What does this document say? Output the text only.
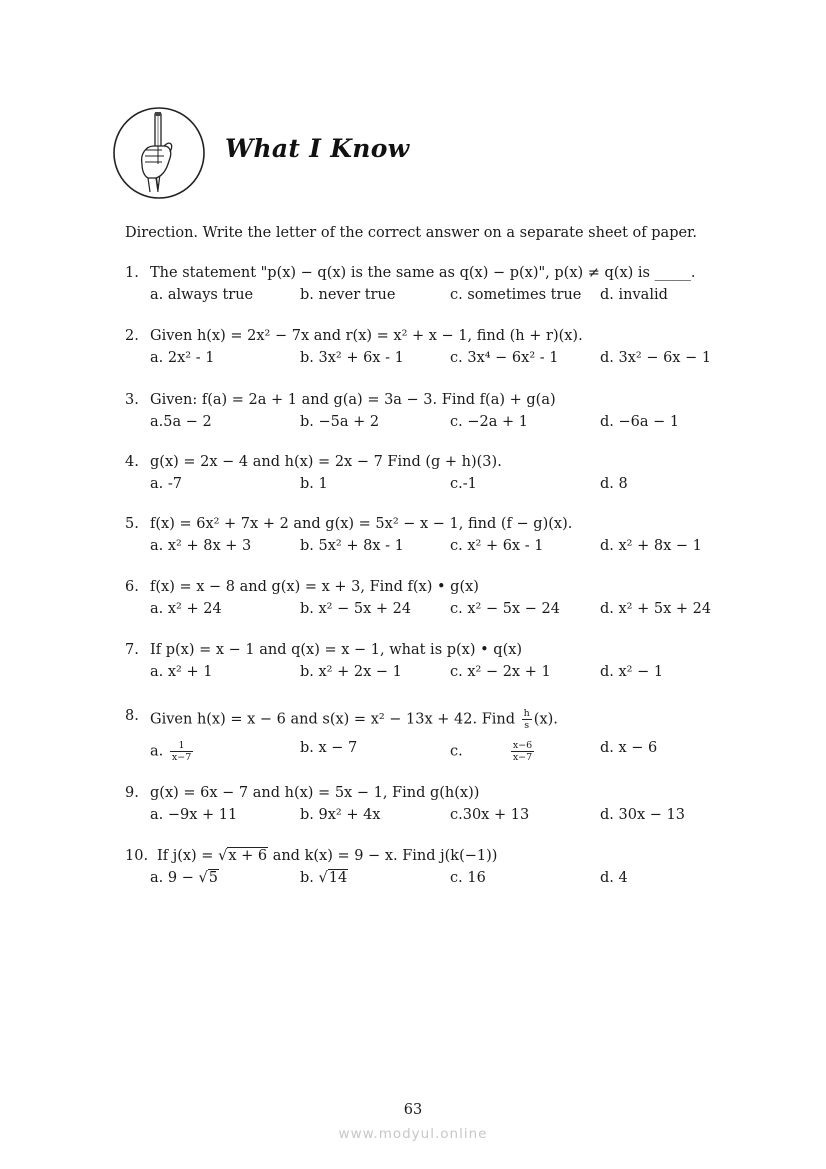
What I Know
Direction. Write the letter of the correct answer on a separate sheet of paper.
1. The statement "p(x) − q(x) is the same as q(x) − p(x)", p(x) ≠ q(x) is _____.
a. always true	b. never true	c. sometimes true d. invalid
2. Given h(x) = 2x² − 7x and r(x) = x² + x − 1, find (h + r)(x).
a. 2x² - 1	b. 3x² + 6x - 1	c. 3x⁴ − 6x² - 1	d. 3x² − 6x − 1
3. Given: f(a) = 2a + 1 and g(a) = 3a − 3. Find f(a) + g(a)
a.5a − 2	b. −5a + 2	c. −2a + 1	d. −6a − 1
4. g(x) = 2x − 4 and h(x) = 2x − 7 Find (g + h)(3).
a. -7	b. 1	c.-1	d. 8
5. f(x) = 6x² + 7x + 2 and g(x) = 5x² − x − 1, find (f − g)(x).
a. x² + 8x + 3	b. 5x² + 8x - 1	c. x² + 6x - 1	d. x² + 8x − 1
6. f(x) = x − 8 and g(x) = x + 3, Find f(x) • g(x)
a. x² + 24	b. x² − 5x + 24	c. x² − 5x − 24	d. x² + 5x + 24
7. If p(x) = x − 1 and q(x) = x − 1, what is p(x) • q(x)
a. x² + 1	b. x² + 2x − 1	c. x² − 2x + 1	d. x² − 1
8. Given h(x) = x − 6 and s(x) = x² − 13x + 42. Find $\frac{h}{s} (x)$.
a. $\frac{1}{x-7}$	b. x − 7	c.	$\frac{x-6}{x-7}$	d. x − 6
9. g(x) = 6x − 7 and h(x) = 5x − 1, Find g(h(x))
a. −9x + 11	b. 9x² + 4x	c.30x + 13	d. 30x − 13
10. If j(x) = √x + 6 and k(x) = 9 − x. Find j(k(−1))
a. 9 − √5	b. √14	c. 16	d. 4
63
www.modyul.online
